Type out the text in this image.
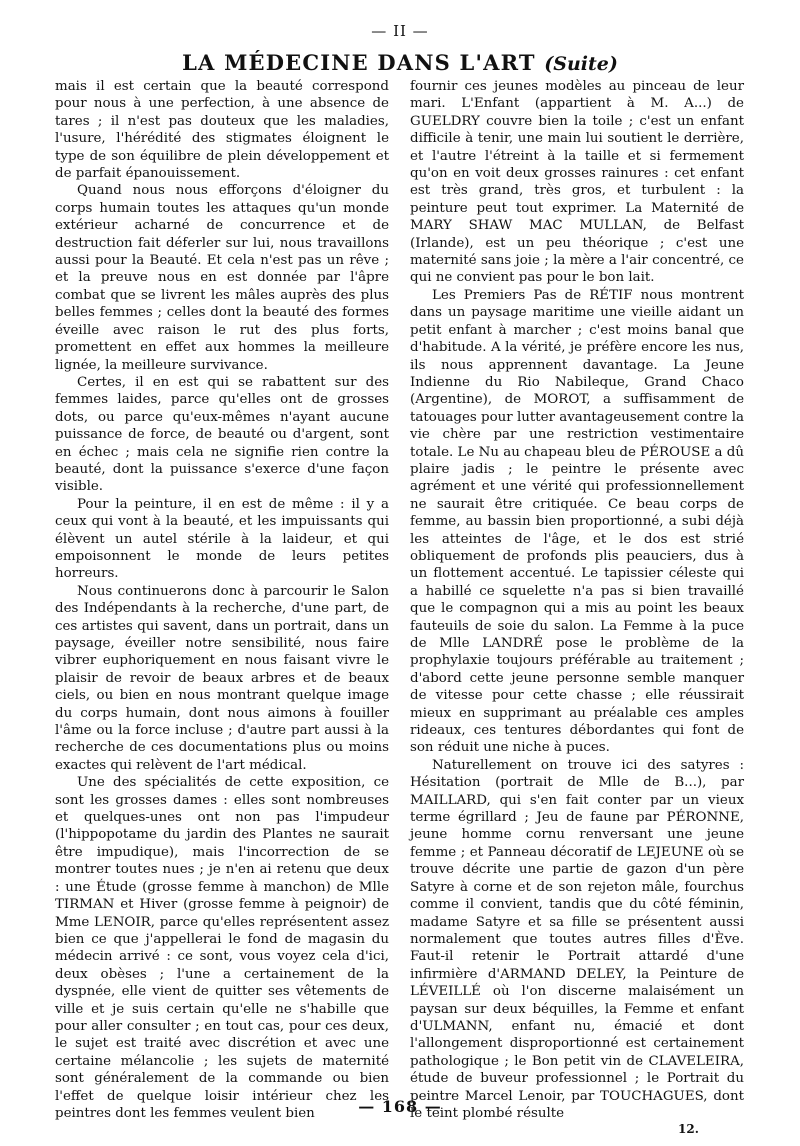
— II —
LA MÉDECINE DANS L'ART (Suite)

mais il est certain que la beauté correspond pour nous à une perfection, à une absence de tares ; il n'est pas douteux que les maladies, l'usure, l'hérédité des stigmates éloignent le type de son équilibre de plein développement et de parfait épanouissement.

Quand nous nous efforçons d'éloigner du corps humain toutes les attaques qu'un monde extérieur acharné de concurrence et de destruction fait déferler sur lui, nous travaillons aussi pour la Beauté. Et cela n'est pas un rêve ; et la preuve nous en est donnée par l'âpre combat que se livrent les mâles auprès des plus belles femmes ; celles dont la beauté des formes éveille avec raison le rut des plus forts, promettent en effet aux hommes la meilleure lignée, la meilleure survivance.

Certes, il en est qui se rabattent sur des femmes laides, parce qu'elles ont de grosses dots, ou parce qu'eux-mêmes n'ayant aucune puissance de force, de beauté ou d'argent, sont en échec ; mais cela ne signifie rien contre la beauté, dont la puissance s'exerce d'une façon visible.

Pour la peinture, il en est de même : il y a ceux qui vont à la beauté, et les impuissants qui élèvent un autel stérile à la laideur, et qui empoisonnent le monde de leurs petites horreurs.

Nous continuerons donc à parcourir le Salon des Indépendants à la recherche, d'une part, de ces artistes qui savent, dans un portrait, dans un paysage, éveiller notre sensibilité, nous faire vibrer euphoriquement en nous faisant vivre le plaisir de revoir de beaux arbres et de beaux ciels, ou bien en nous montrant quelque image du corps humain, dont nous aimons à fouiller l'âme ou la force incluse ; d'autre part aussi à la recherche de ces documentations plus ou moins exactes qui relèvent de l'art médical.

Une des spécialités de cette exposition, ce sont les grosses dames : elles sont nombreuses et quelques-unes ont non pas l'impudeur (l'hippopotame du jardin des Plantes ne saurait être impudique), mais l'incorrection de se montrer toutes nues ; je n'en ai retenu que deux : une Étude (grosse femme à manchon) de Mlle TIRMAN et Hiver (grosse femme à peignoir) de Mme LENOIR, parce qu'elles représentent assez bien ce que j'appellerai le fond de magasin du médecin arrivé : ce sont, vous voyez cela d'ici, deux obèses ; l'une a certainement de la dyspnée, elle vient de quitter ses vêtements de ville et je suis certain qu'elle ne s'habille que pour aller consulter ; en tout cas, pour ces deux, le sujet est traité avec discrétion et avec une certaine mélancolie ; les sujets de maternité sont généralement de la commande ou bien l'effet de quelque loisir intérieur chez les peintres dont les femmes veulent bien

fournir ces jeunes modèles au pinceau de leur mari. L'Enfant (appartient à M. A...) de GUELDRY couvre bien la toile ; c'est un enfant difficile à tenir, une main lui soutient le derrière, et l'autre l'étreint à la taille et si fermement qu'on en voit deux grosses rainures : cet enfant est très grand, très gros, et turbulent : la peinture peut tout exprimer. La Maternité de MARY SHAW MAC MULLAN, de Belfast (Irlande), est un peu théorique ; c'est une maternité sans joie ; la mère a l'air concentré, ce qui ne convient pas pour le bon lait.

Les Premiers Pas de RÉTIF nous montrent dans un paysage maritime une vieille aidant un petit enfant à marcher ; c'est moins banal que d'habitude. A la vérité, je préfère encore les nus, ils nous apprennent davantage. La Jeune Indienne du Rio Nabileque, Grand Chaco (Argentine), de MOROT, a suffisamment de tatouages pour lutter avantageusement contre la vie chère par une restriction vestimentaire totale. Le Nu au chapeau bleu de PÉROUSE a dû plaire jadis ; le peintre le présente avec agrément et une vérité qui professionnellement ne saurait être critiquée. Ce beau corps de femme, au bassin bien proportionné, a subi déjà les atteintes de l'âge, et le dos est strié obliquement de profonds plis peauciers, dus à un flottement accentué. Le tapissier céleste qui a habillé ce squelette n'a pas si bien travaillé que le compagnon qui a mis au point les beaux fauteuils de soie du salon. La Femme à la puce de Mlle LANDRÉ pose le problème de la prophylaxie toujours préférable au traitement ; d'abord cette jeune personne semble manquer de vitesse pour cette chasse ; elle réussirait mieux en supprimant au préalable ces amples rideaux, ces tentures débordantes qui font de son réduit une niche à puces.

Naturellement on trouve ici des satyres : Hésitation (portrait de Mlle de B...), par MAILLARD, qui s'en fait conter par un vieux terme égrillard ; Jeu de faune par PÉRONNE, jeune homme cornu renversant une jeune femme ; et Panneau décoratif de LEJEUNE où se trouve décrite une partie de gazon d'un père Satyre à corne et de son rejeton mâle, fourchus comme il convient, tandis que du côté féminin, madame Satyre et sa fille se présentent aussi normalement que toutes autres filles d'Ève. Faut-il retenir le Portrait attardé d'une infirmière d'ARMAND DELEY, la Peinture de LÉVEILLÉ où l'on discerne malaisément un paysan sur deux béquilles, la Femme et enfant d'ULMANN, enfant nu, émacié et dont l'allongement disproportionné est certainement pathologique ; le Bon petit vin de CLAVELEIRA, étude de buveur professionnel ; le Portrait du peintre Marcel Lenoir, par TOUCHAGUES, dont le teint plombé résulte

— 168 —
12.
